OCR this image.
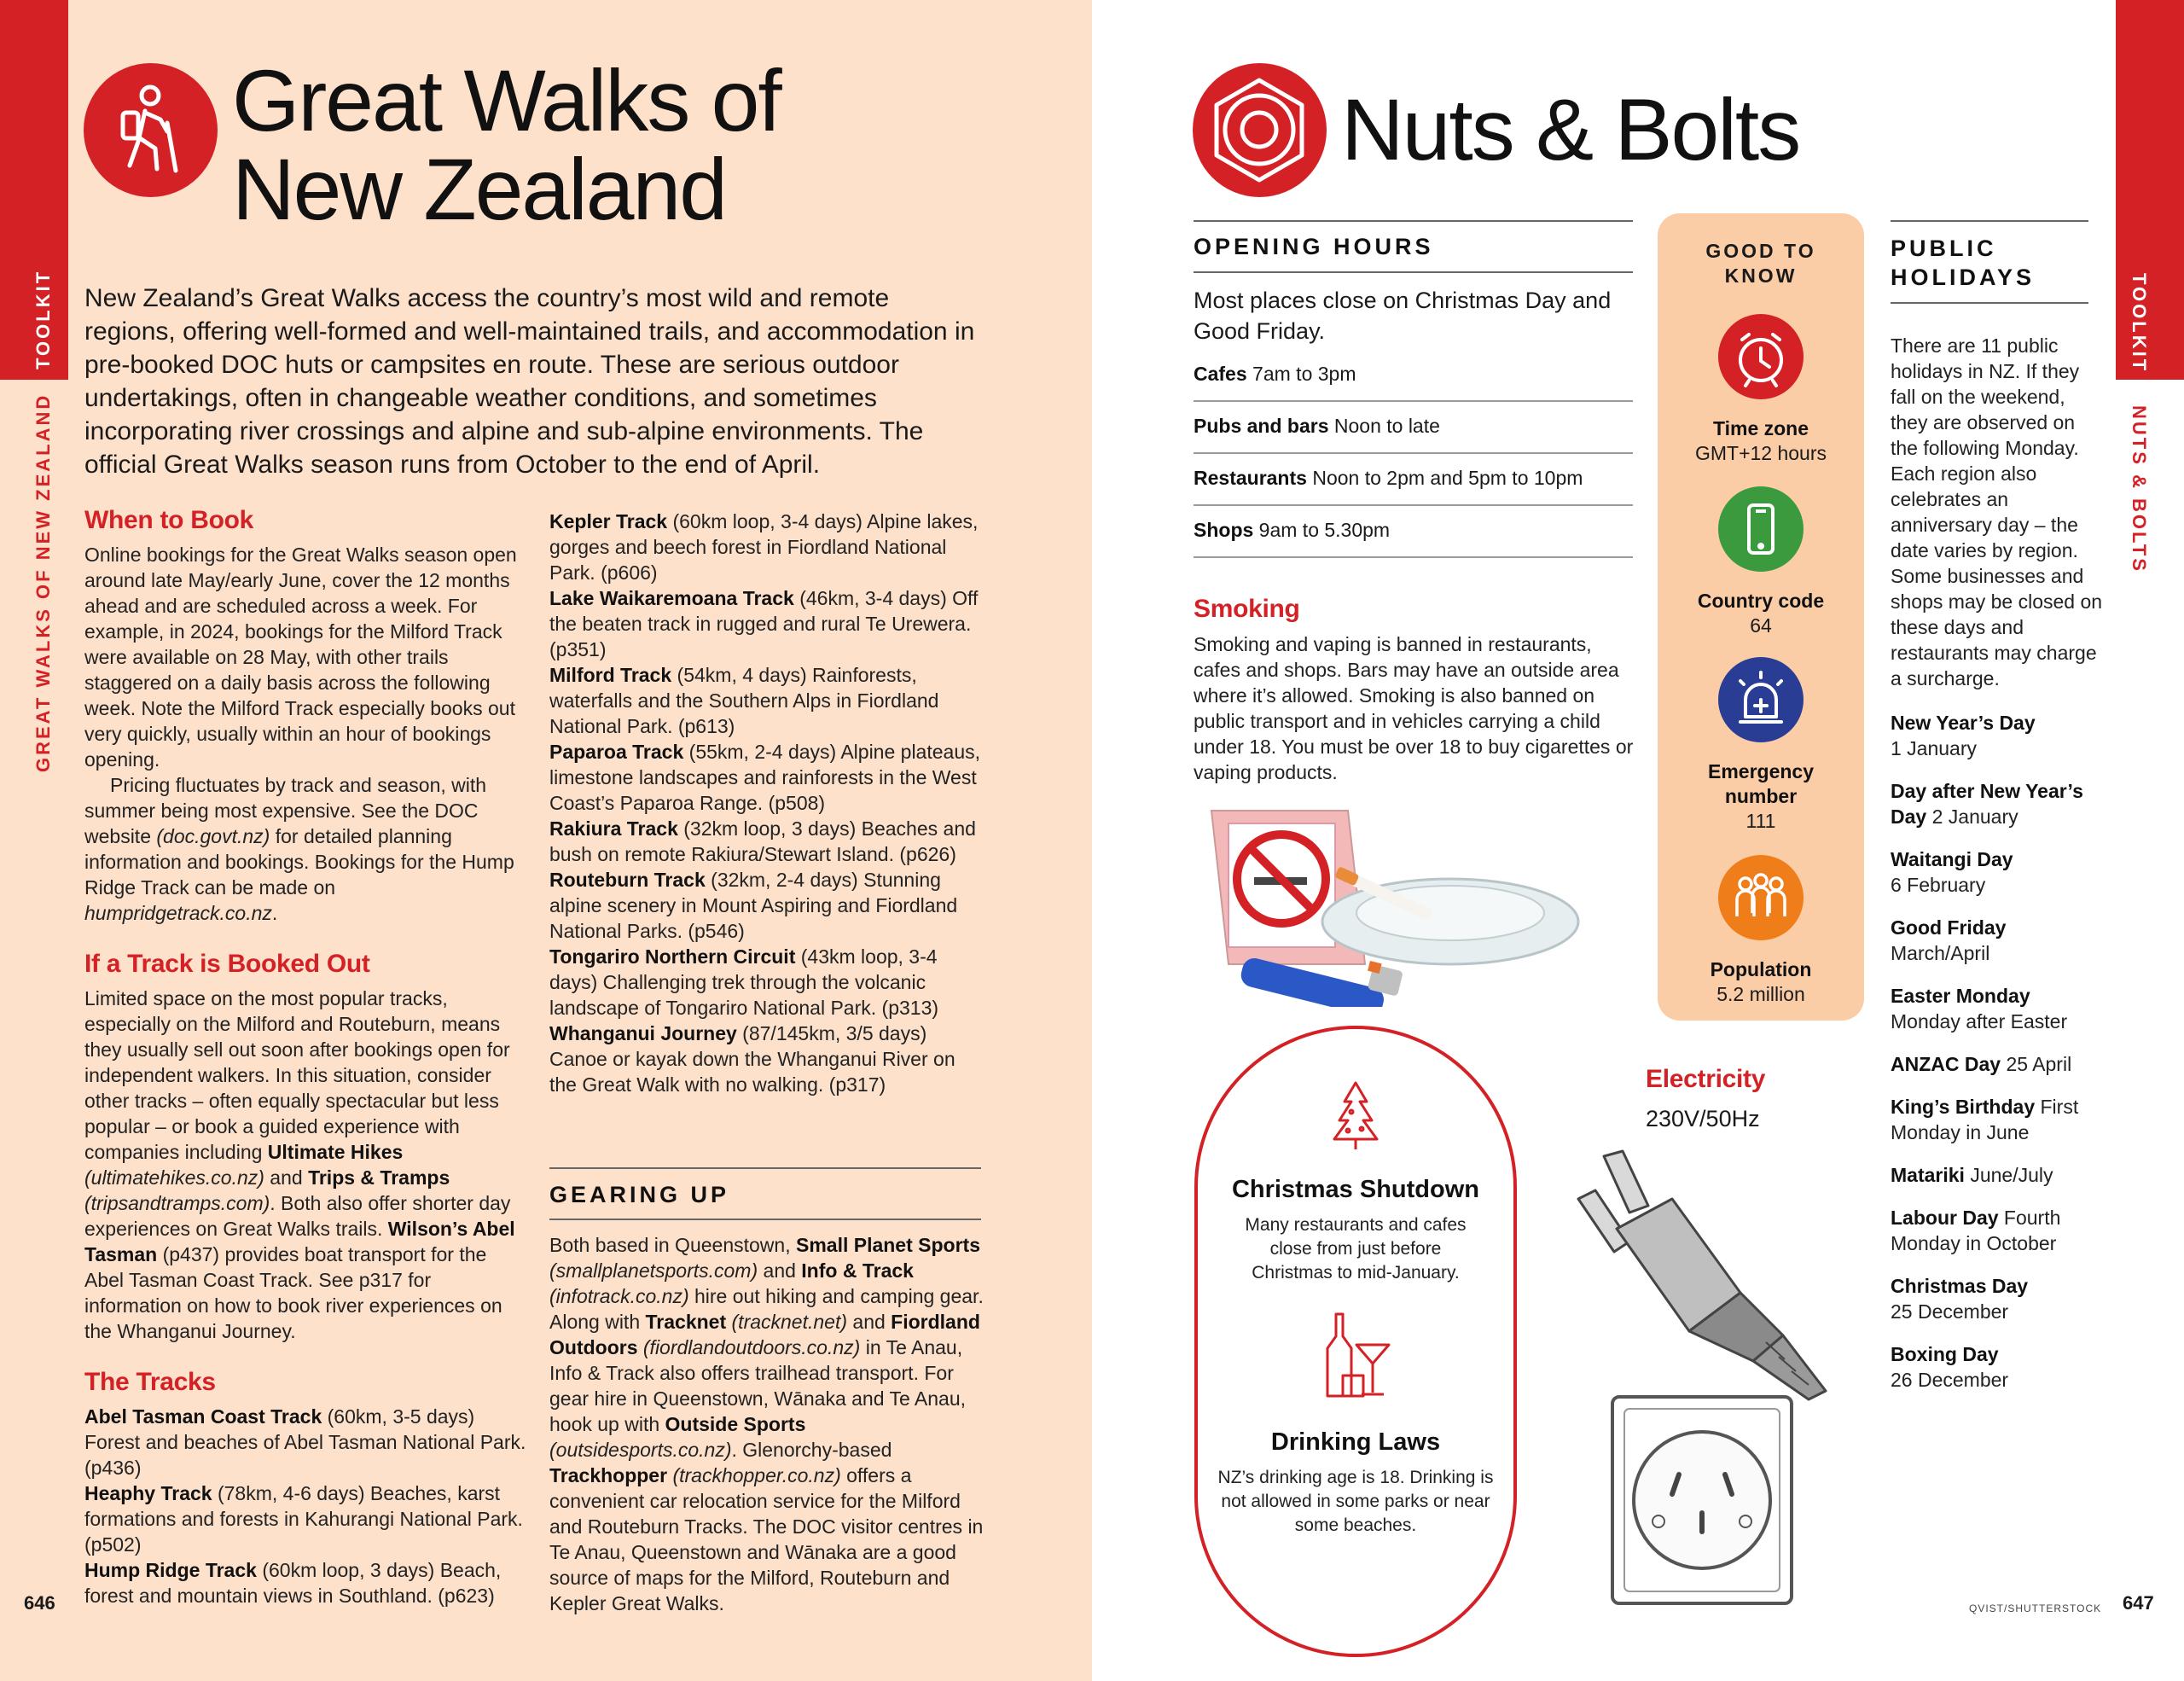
TOOLKIT
GREAT WALKS OF NEW ZEALAND
Great Walks of
New Zealand
New Zealand’s Great Walks access the country’s most wild and remote regions, offering well-formed and well-maintained trails, and accommodation in pre-booked DOC huts or campsites en route. These are serious outdoor undertakings, often in changeable weather conditions, and sometimes incorporating river crossings and alpine and sub-alpine environments. The official Great Walks season runs from October to the end of April.
When to Book

Online bookings for the Great Walks season open around late May/early June, cover the 12 months ahead and are scheduled across a week. For example, in 2024, bookings for the Milford Track were available on 28 May, with other trails staggered on a daily basis across the following week. Note the Milford Track especially books out very quickly, usually within an hour of bookings opening.

Pricing fluctuates by track and season, with summer being most expensive. See the DOC website (doc.govt.nz) for detailed planning information and bookings. Bookings for the Hump Ridge Track can be made on humpridgetrack.co.nz.

If a Track is Booked Out

Limited space on the most popular tracks, especially on the Milford and Routeburn, means they usually sell out soon after bookings open for independent walkers. In this situation, consider other tracks – often equally spectacular but less popular – or book a guided experience with companies including Ultimate Hikes (ultimatehikes.co.nz) and Trips & Tramps (tripsandtramps.com). Both also offer shorter day experiences on Great Walks trails. Wilson’s Abel Tasman (p437) provides boat transport for the Abel Tasman Coast Track. See p317 for information on how to book river experiences on the Whanganui Journey.

The Tracks

Abel Tasman Coast Track (60km, 3-5 days) Forest and beaches of Abel Tasman National Park. (p436)

Heaphy Track (78km, 4-6 days) Beaches, karst formations and forests in Kahurangi National Park. (p502)

Hump Ridge Track (60km loop, 3 days) Beach, forest and mountain views in Southland. (p623)

Kepler Track (60km loop, 3-4 days) Alpine lakes, gorges and beech forest in Fiordland National Park. (p606)

Lake Waikaremoana Track (46km, 3-4 days) Off the beaten track in rugged and rural Te Urewera. (p351)

Milford Track (54km, 4 days) Rainforests, waterfalls and the Southern Alps in Fiordland National Park. (p613)

Paparoa Track (55km, 2-4 days) Alpine plateaus, limestone landscapes and rainforests in the West Coast’s Paparoa Range. (p508)

Rakiura Track (32km loop, 3 days) Beaches and bush on remote Rakiura/Stewart Island. (p626)

Routeburn Track (32km, 2-4 days) Stunning alpine scenery in Mount Aspiring and Fiordland National Parks. (p546)

Tongariro Northern Circuit (43km loop, 3-4 days) Challenging trek through the volcanic landscape of Tongariro National Park. (p313)

Whanganui Journey (87/145km, 3/5 days) Canoe or kayak down the Whanganui River on the Great Walk with no walking. (p317)

GEARING UP
Both based in Queenstown, Small Planet Sports (smallplanetsports.com) and Info & Track (infotrack.co.nz) hire out hiking and camping gear. Along with Tracknet (tracknet.net) and Fiordland Outdoors (fiordlandoutdoors.co.nz) in Te Anau, Info & Track also offers trailhead transport. For gear hire in Queenstown, Wānaka and Te Anau, hook up with Outside Sports (outsidesports.co.nz). Glenorchy-based Trackhopper (trackhopper.co.nz) offers a convenient car relocation service for the Milford and Routeburn Tracks. The DOC visitor centres in Te Anau, Queenstown and Wānaka are a good source of maps for the Milford, Routeburn and Kepler Great Walks.
646
TOOLKIT
NUTS & BOLTS
Nuts & Bolts
OPENING HOURS
Most places close on Christmas Day and Good Friday.
Cafes 7am to 3pm
Pubs and bars Noon to late
Restaurants Noon to 2pm and 5pm to 10pm
Shops 9am to 5.30pm
Smoking
Smoking and vaping is banned in restaurants, cafes and shops. Bars may have an outside area where it’s allowed. Smoking is also banned on public transport and in vehicles carrying a child under 18. You must be over 18 to buy cigarettes or vaping products.
GOOD TO
KNOW
Time zone
GMT+12 hours
Country code
64
Emergency
number
111
Population
5.2 million
PUBLIC
HOLIDAYS

There are 11 public holidays in NZ. If they fall on the weekend, they are observed on the following Monday. Each region also celebrates an anniversary day – the date varies by region. Some businesses and shops may be closed on these days and restaurants may charge a surcharge.

New Year’s Day
1 January

Day after New Year’s Day 2 January

Waitangi Day
6 February

Good Friday
March/April

Easter Monday
Monday after Easter

ANZAC Day 25 April

King’s Birthday First Monday in June

Matariki June/July

Labour Day Fourth Monday in October

Christmas Day
25 December

Boxing Day
26 December

Christmas Shutdown
Many restaurants and cafes close from just before Christmas to mid-January.
Drinking Laws
NZ’s drinking age is 18. Drinking is not allowed in some parks or near some beaches.
Electricity
230V/50Hz
QVIST/SHUTTERSTOCK 647
